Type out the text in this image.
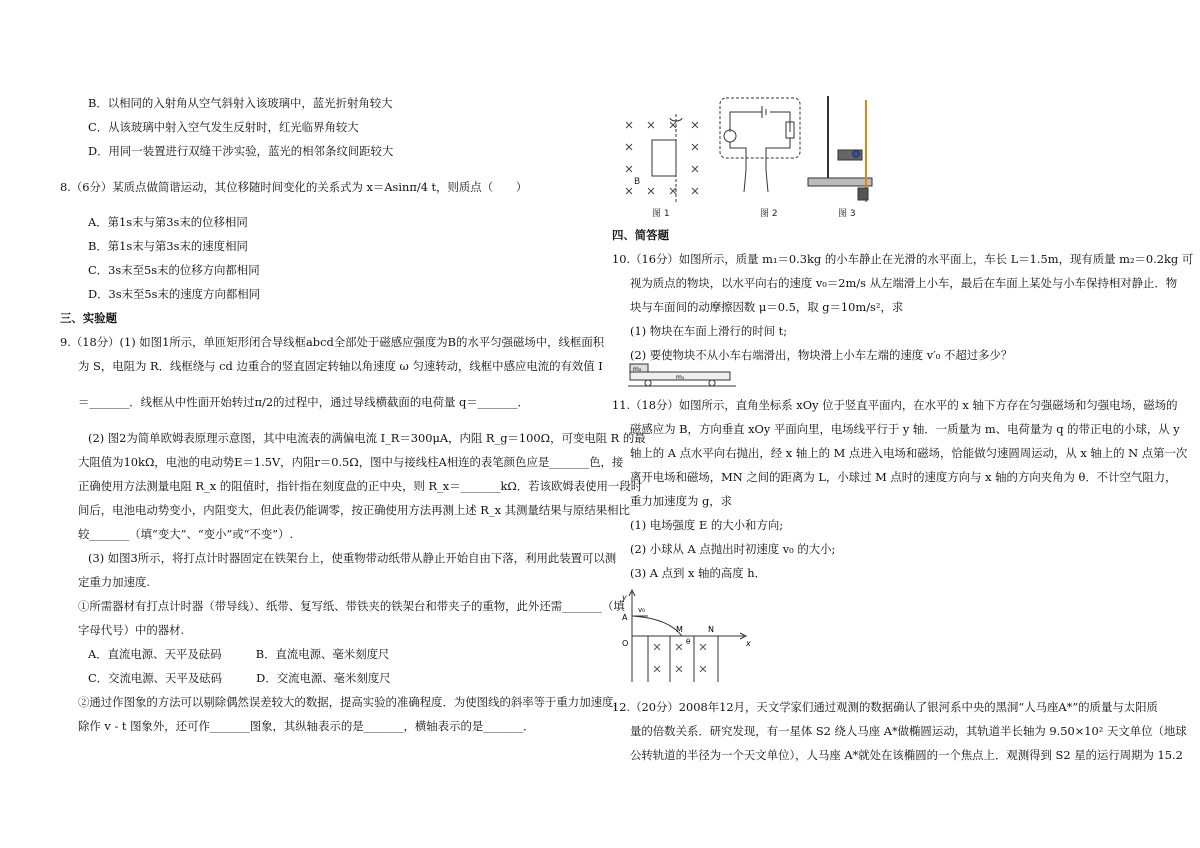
B．以相同的入射角从空气斜射入该玻璃中，蓝光折射角较大
C．从该玻璃中射入空气发生反射时，红光临界角较大
D．用同一装置进行双缝干涉实验，蓝光的相邻条纹间距较大
8.（6分）某质点做简谐运动，其位移随时间变化的关系式为 x＝Asinπ/4 t，则质点（　　）
A．第1s末与第3s末的位移相同
B．第1s末与第3s末的速度相同
C．3s末至5s末的位移方向都相同
D．3s末至5s末的速度方向都相同
三、实验题
9.（18分）(1) 如图1所示，单匝矩形闭合导线框abcd全部处于磁感应强度为B的水平匀强磁场中，线框面积
为 S，电阻为 R．线框绕与 cd 边重合的竖直固定转轴以角速度 ω 匀速转动，线框中感应电流的有效值 I
＝_______．线框从中性面开始转过π/2的过程中，通过导线横截面的电荷量 q＝_______．
(2) 图2为简单欧姆表原理示意图，其中电流表的满偏电流 I_R＝300μA，内阻 R_g＝100Ω，可变电阻 R 的最
大阻值为10kΩ，电池的电动势E＝1.5V，内阻r＝0.5Ω，图中与接线柱A相连的表笔颜色应是_______色，接
正确使用方法测量电阻 R_x 的阻值时，指针指在刻度盘的正中央，则 R_x＝_______kΩ．若该欧姆表使用一段时
间后，电池电动势变小，内阻变大，但此表仍能调零，按正确使用方法再测上述 R_x 其测量结果与原结果相比
较_______（填“变大”、“变小”或“不变”）.
(3) 如图3所示，将打点计时器固定在铁架台上，使重物带动纸带从静止开始自由下落，利用此装置可以测
定重力加速度.
①所需器材有打点计时器（带导线）、纸带、复写纸、带铁夹的铁架台和带夹子的重物，此外还需_______（填
字母代号）中的器材.
A．直流电源、天平及砝码　　　B．直流电源、毫米刻度尺
C．交流电源、天平及砝码　　　D．交流电源、毫米刻度尺
②通过作图象的方法可以剔除偶然误差较大的数据，提高实验的准确程度．为使图线的斜率等于重力加速度，
除作 v - t 图象外，还可作_______图象，其纵轴表示的是_______，横轴表示的是_______．
四、简答题
10.（16分）如图所示，质量 m₁＝0.3kg 的小车静止在光滑的水平面上，车长 L＝1.5m，现有质量 m₂＝0.2kg 可
视为质点的物块，以水平向右的速度 v₀＝2m/s 从左端滑上小车，最后在车面上某处与小车保持相对静止．物
块与车面间的动摩擦因数 μ＝0.5，取 g＝10m/s²，求
(1) 物块在车面上滑行的时间 t;
(2) 要使物块不从小车右端滑出，物块滑上小车左端的速度 v′₀ 不超过多少？
11.（18分）如图所示，直角坐标系 xOy 位于竖直平面内，在水平的 x 轴下方存在匀强磁场和匀强电场，磁场的
磁感应为 B，方向垂直 xOy 平面向里，电场线平行于 y 轴．一质量为 m、电荷量为 q 的带正电的小球，从 y
轴上的 A 点水平向右抛出，经 x 轴上的 M 点进入电场和磁场，恰能做匀速圆周运动，从 x 轴上的 N 点第一次
离开电场和磁场，MN 之间的距离为 L，小球过 M 点时的速度方向与 x 轴的方向夹角为 θ．不计空气阻力，
重力加速度为 g，求
(1) 电场强度 E 的大小和方向;
(2) 小球从 A 点抛出时初速度 v₀ 的大小;
(3) A 点到 x 轴的高度 h．
12.（20分）2008年12月，天文学家们通过观测的数据确认了银河系中央的黑洞“人马座A*”的质量与太阳质
量的倍数关系．研究发现，有一星体 S2 绕人马座 A*做椭圆运动，其轨道半长轴为 9.50×10² 天文单位（地球
公转轨道的半径为一个天文单位），人马座 A*就处在该椭圆的一个焦点上．观测得到 S2 星的运行周期为 15.2
B
图 1	图 2	图 3
m₂
m₁
y
v₀
A
O
M
θ
N
x
